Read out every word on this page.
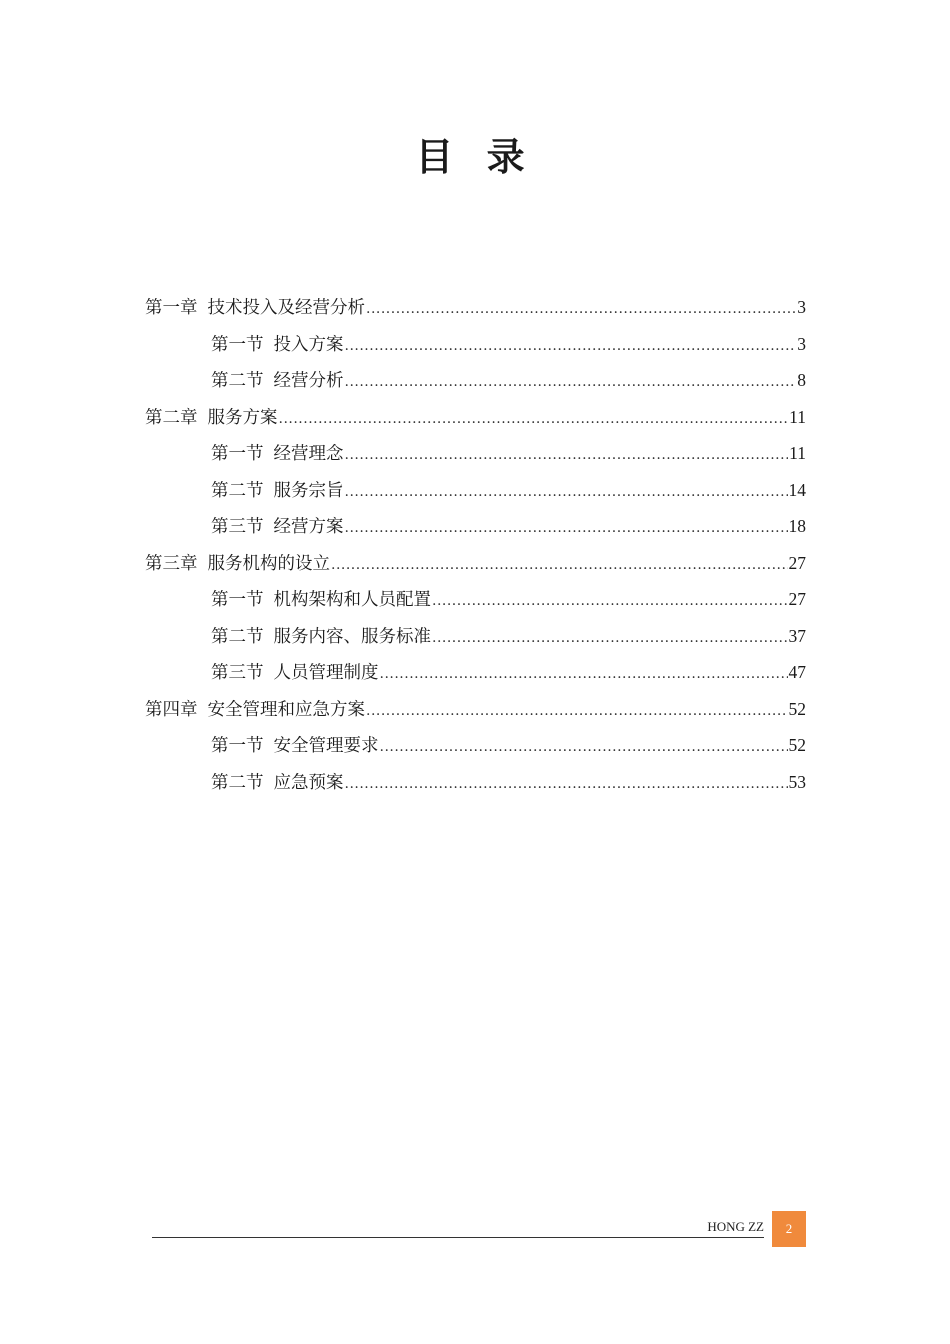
目 录
第一章 技术投入及经营分析 .....	3
第一节 投入方案 .....	3
第二节 经营分析 .....	8
第二章 服务方案 .....	11
第一节 经营理念 .....	11
第二节 服务宗旨 .....	14
第三节 经营方案 .....	18
第三章 服务机构的设立 .....	27
第一节 机构架构和人员配置 .....	27
第二节 服务内容、服务标准 .....	37
第三节 人员管理制度 .....	47
第四章 安全管理和应急方案 .....	52
第一节 安全管理要求 .....	52
第二节 应急预案 .....	53
HONG ZZ 2
